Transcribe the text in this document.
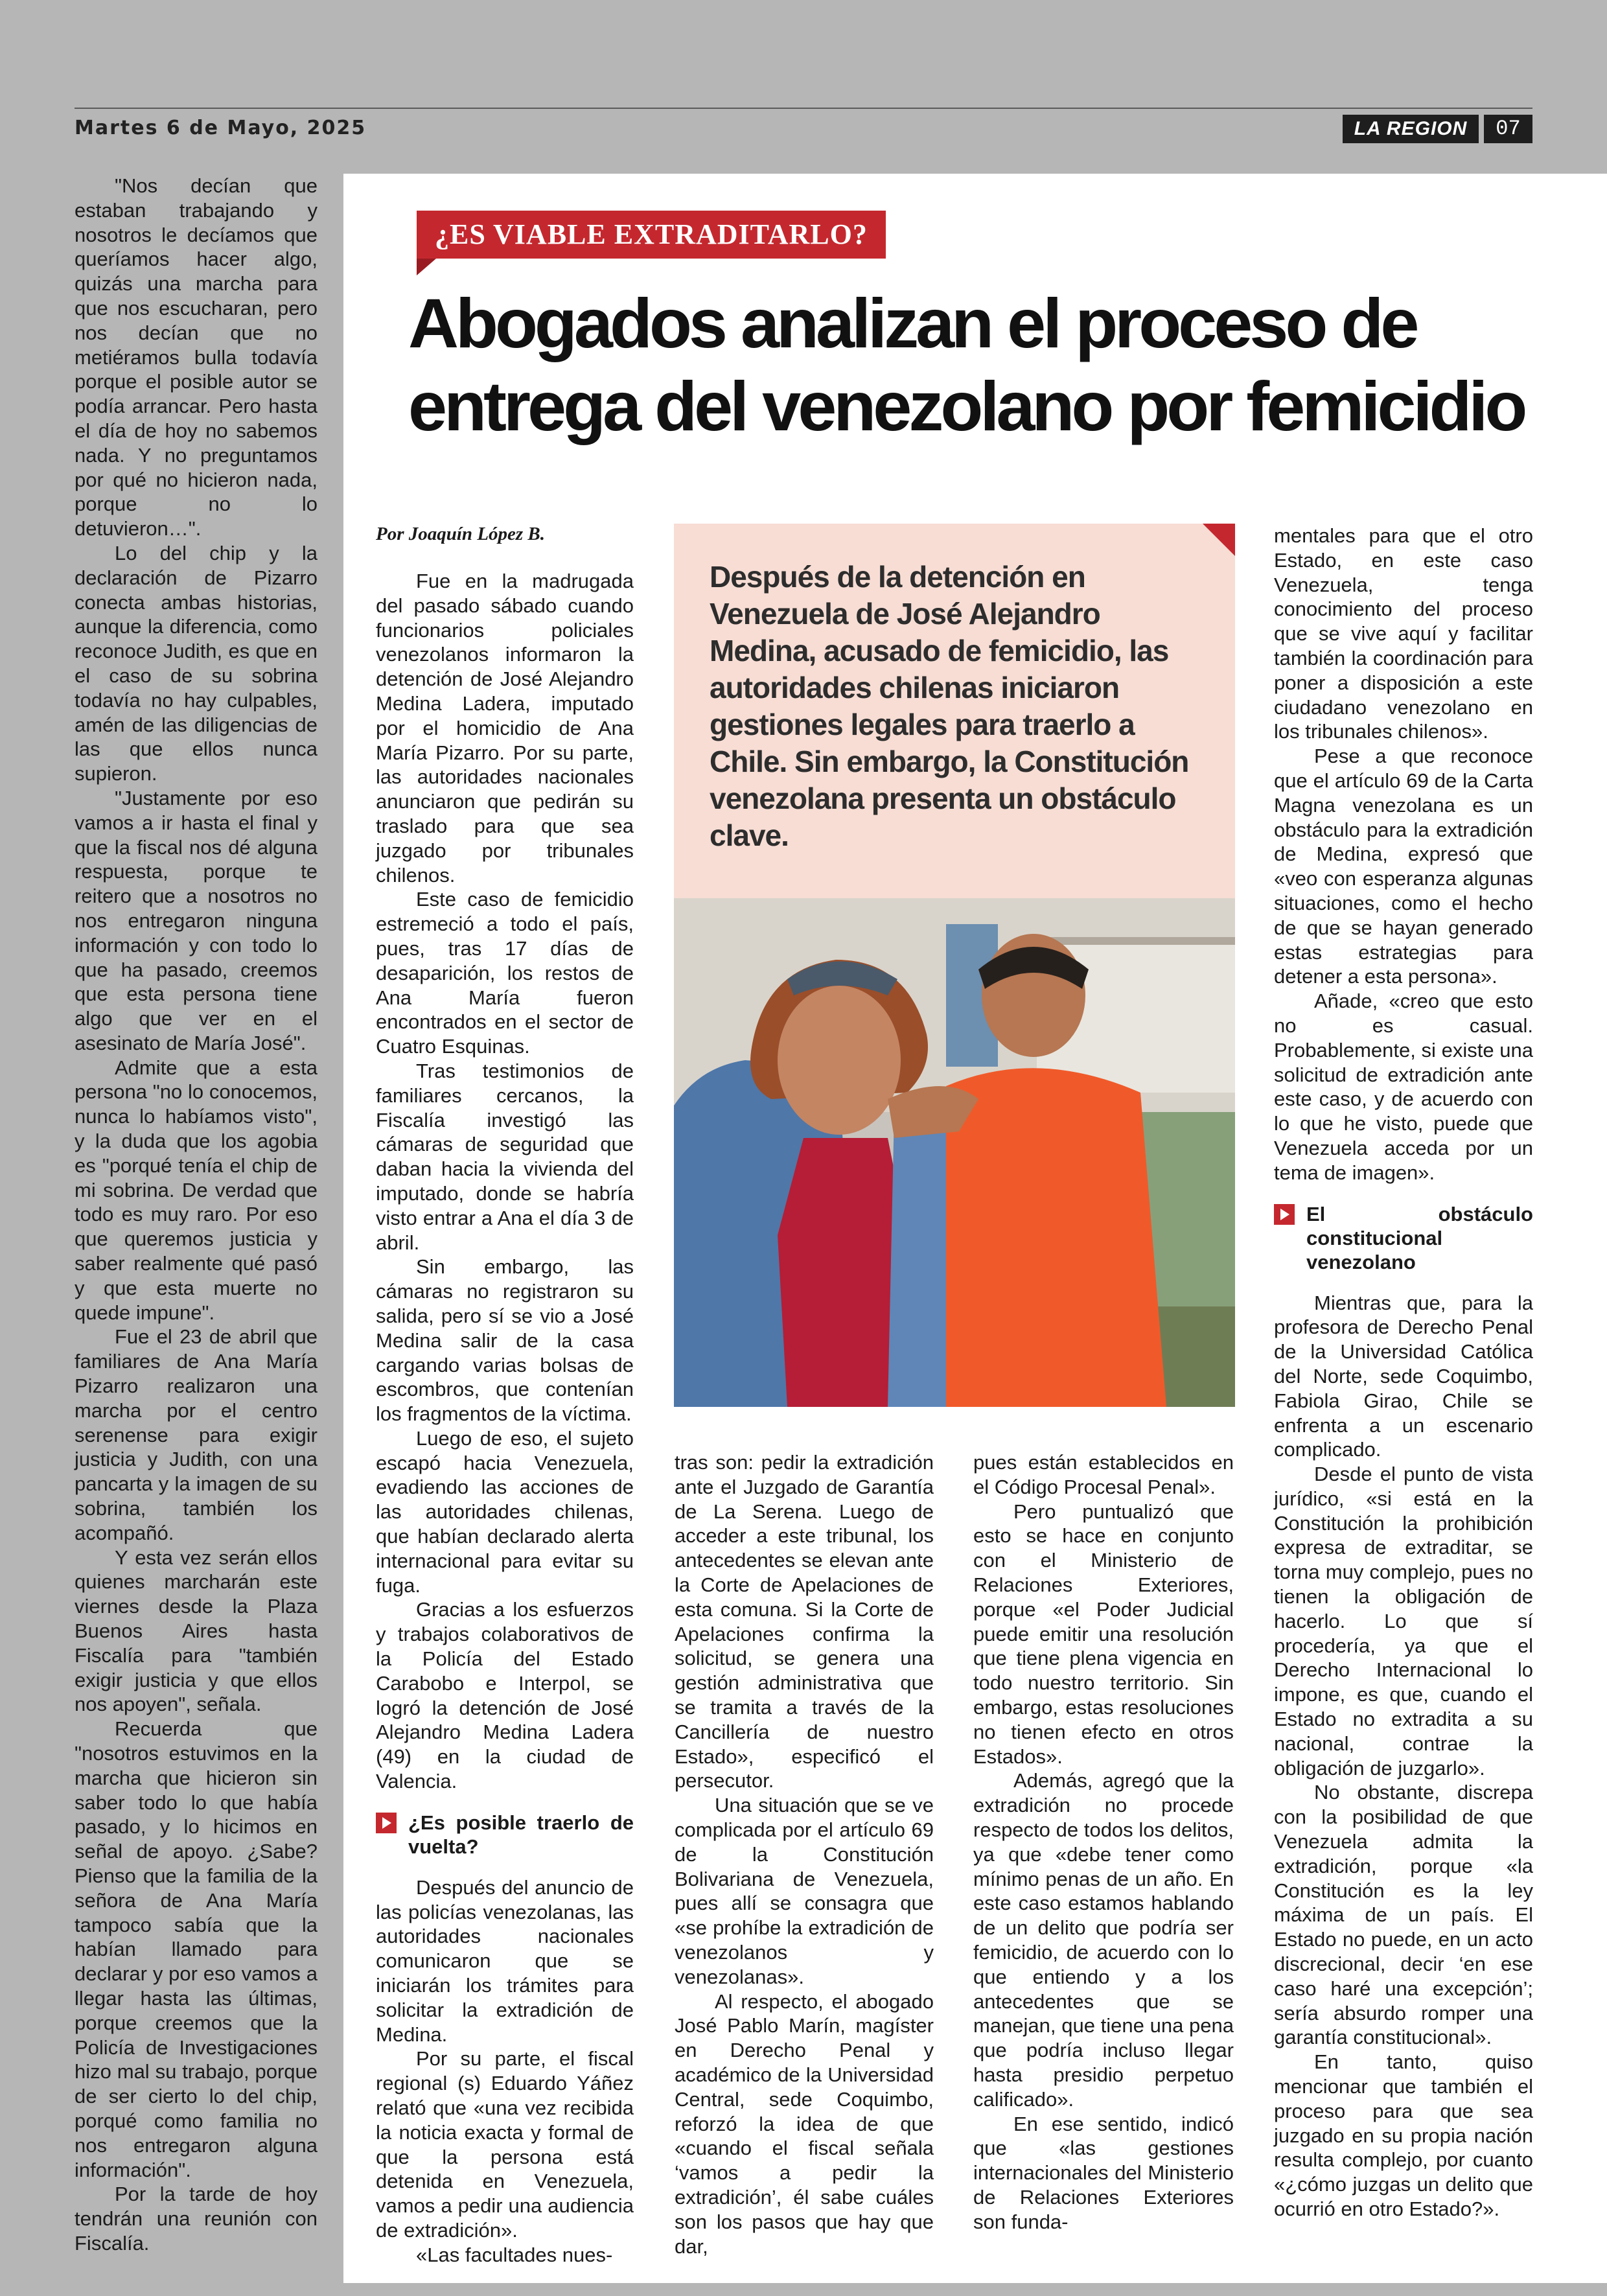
Martes 6 de Mayo, 2025	LA REGION	07

"Nos decían que estaban trabajando y nosotros le decíamos que queríamos hacer algo, quizás una marcha para que nos escucharan, pero nos decían que no metiéramos bulla todavía porque el posible autor se podía arrancar. Pero hasta el día de hoy no sabemos nada. Y no preguntamos por qué no hicieron nada, porque no lo detuvieron…".

Lo del chip y la declaración de Pizarro conecta ambas historias, aunque la diferencia, como reconoce Judith, es que en el caso de su sobrina todavía no hay culpables, amén de las diligencias de las que ellos nunca supieron.

"Justamente por eso vamos a ir hasta el final y que la fiscal nos dé alguna respuesta, porque te reitero que a nosotros no nos entregaron ninguna información y con todo lo que ha pasado, creemos que esta persona tiene algo que ver en el asesinato de María José".

Admite que a esta persona "no lo conocemos, nunca lo habíamos visto", y la duda que los agobia es "porqué tenía el chip de mi sobrina. De verdad que todo es muy raro. Por eso que queremos justicia y saber realmente qué pasó y que esta muerte no quede impune".

Fue el 23 de abril que familiares de Ana María Pizarro realizaron una marcha por el centro serenense para exigir justicia y Judith, con una pancarta y la imagen de su sobrina, también los acompañó.

Y esta vez serán ellos quienes marcharán este viernes desde la Plaza Buenos Aires hasta Fiscalía para "también exigir justicia y que ellos nos apoyen", señala.

Recuerda que "nosotros estuvimos en la marcha que hicieron sin saber todo lo que había pasado, y lo hicimos en señal de apoyo. ¿Sabe? Pienso que la familia de la señora de Ana María tampoco sabía que la habían llamado para declarar y por eso vamos a llegar hasta las últimas, porque creemos que la Policía de Investigaciones hizo mal su trabajo, porque de ser cierto lo del chip, porqué como familia no nos entregaron alguna información".

Por la tarde de hoy tendrán una reunión con Fiscalía.

¿ES VIABLE EXTRADITARLO?
Abogados analizan el proceso de
entrega del venezolano por femicidio
Por Joaquín López B.

Fue en la madrugada del pasado sábado cuando funcionarios policiales venezolanos informaron la detención de José Alejandro Medina Ladera, imputado por el homicidio de Ana María Pizarro. Por su parte, las autoridades nacionales anunciaron que pedirán su traslado para que sea juzgado por tribunales chilenos.

Este caso de femicidio estremeció a todo el país, pues, tras 17 días de desaparición, los restos de Ana María fueron encontrados en el sector de Cuatro Esquinas.

Tras testimonios de familiares cercanos, la Fiscalía investigó las cámaras de seguridad que daban hacia la vivienda del imputado, donde se habría visto entrar a Ana el día 3 de abril.

Sin embargo, las cámaras no registraron su salida, pero sí se vio a José Medina salir de la casa cargando varias bolsas de escombros, que contenían los fragmentos de la víctima.

Luego de eso, el sujeto escapó hacia Venezuela, evadiendo las acciones de las autoridades chilenas, que habían declarado alerta internacional para evitar su fuga.

Gracias a los esfuerzos y trabajos colaborativos de la Policía del Estado Carabobo e Interpol, se logró la detención de José Alejandro Medina Ladera (49) en la ciudad de Valencia.

¿Es posible traerlo de vuelta?

Después del anuncio de las policías venezolanas, las autoridades nacionales comunicaron que se iniciarán los trámites para solicitar la extradición de Medina.

Por su parte, el fiscal regional (s) Eduardo Yáñez relató que «una vez recibida la noticia exacta y formal de que la persona está detenida en Venezuela, vamos a pedir una audiencia de extradición».

«Las facultades nues-

Después de la detención en Venezuela de José Alejandro Medina, acusado de femicidio, las autoridades chilenas iniciaron gestiones legales para traerlo a Chile. Sin embargo, la Constitución venezolana presenta un obstáculo clave.

tras son: pedir la extradición ante el Juzgado de Garantía de La Serena. Luego de acceder a este tribunal, los antecedentes se elevan ante la Corte de Apelaciones de esta comuna. Si la Corte de Apelaciones confirma la solicitud, se genera una gestión administrativa que se tramita a través de la Cancillería de nuestro Estado», especificó el persecutor.

Una situación que se ve complicada por el artículo 69 de la Constitución Bolivariana de Venezuela, pues allí se consagra que «se prohíbe la extradición de venezolanos y venezolanas».

Al respecto, el abogado José Pablo Marín, magíster en Derecho Penal y académico de la Universidad Central, sede Coquimbo, reforzó la idea de que «cuando el fiscal señala ‘vamos a pedir la extradición’, él sabe cuáles son los pasos que hay que dar,

pues están establecidos en el Código Procesal Penal».

Pero puntualizó que esto se hace en conjunto con el Ministerio de Relaciones Exteriores, porque «el Poder Judicial puede emitir una resolución que tiene plena vigencia en todo nuestro territorio. Sin embargo, estas resoluciones no tienen efecto en otros Estados».

Además, agregó que la extradición no procede respecto de todos los delitos, ya que «debe tener como mínimo penas de un año. En este caso estamos hablando de un delito que podría ser femicidio, de acuerdo con lo que entiendo y a los antecedentes que se manejan, que tiene una pena que podría incluso llegar hasta presidio perpetuo calificado».

En ese sentido, indicó que «las gestiones internacionales del Ministerio de Relaciones Exteriores son funda-

mentales para que el otro Estado, en este caso Venezuela, tenga conocimiento del proceso que se vive aquí y facilitar también la coordinación para poner a disposición a este ciudadano venezolano en los tribunales chilenos».

Pese a que reconoce que el artículo 69 de la Carta Magna venezolana es un obstáculo para la extradición de Medina, expresó que «veo con esperanza algunas situaciones, como el hecho de que se hayan generado estas estrategias para detener a esta persona».

Añade, «creo que esto no es casual. Probablemente, si existe una solicitud de extradición ante este caso, y de acuerdo con lo que he visto, puede que Venezuela acceda por un tema de imagen».

El obstáculo constitucional venezolano

Mientras que, para la profesora de Derecho Penal de la Universidad Católica del Norte, sede Coquimbo, Fabiola Girao, Chile se enfrenta a un escenario complicado.

Desde el punto de vista jurídico, «si está en la Constitución la prohibición expresa de extraditar, se torna muy complejo, pues no tienen la obligación de hacerlo. Lo que sí procedería, ya que el Derecho Internacional lo impone, es que, cuando el Estado no extradita a su nacional, contrae la obligación de juzgarlo».

No obstante, discrepa con la posibilidad de que Venezuela admita la extradición, porque «la Constitución es la ley máxima de un país. El Estado no puede, en un acto discrecional, decir ‘en ese caso haré una excepción’; sería absurdo romper una garantía constitucional».

En tanto, quiso mencionar que también el proceso para que sea juzgado en su propia nación resulta complejo, por cuanto «¿cómo juzgas un delito que ocurrió en otro Estado?».
